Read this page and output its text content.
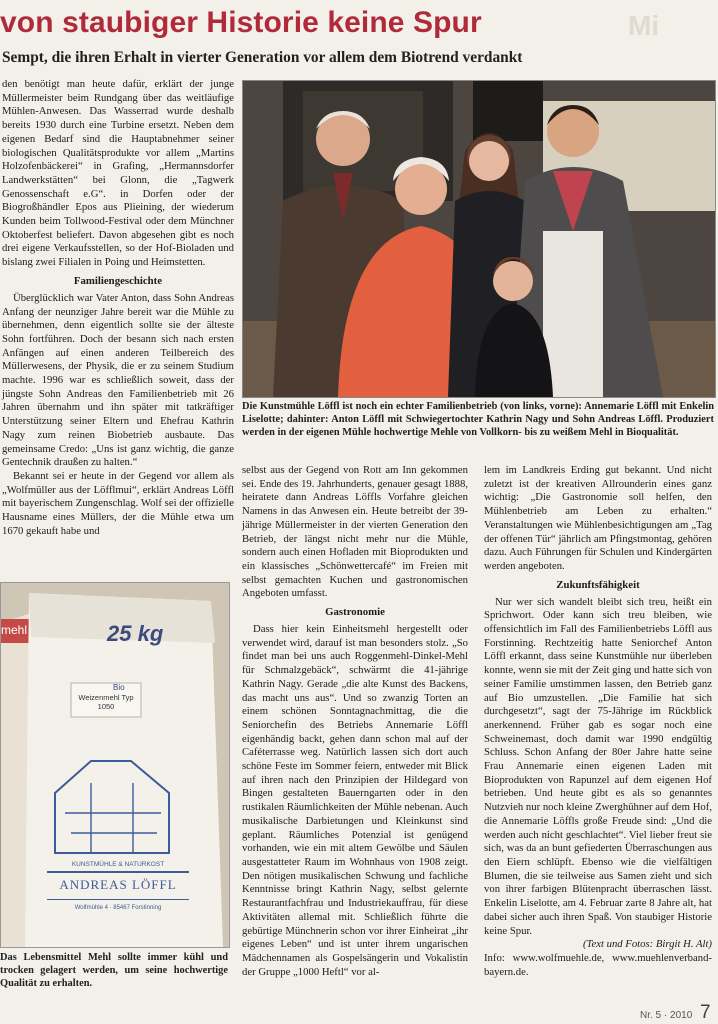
Mi
von staubiger Historie keine Spur
Sempt, die ihren Erhalt in vierter Generation vor allem dem Biotrend verdankt

den benötigt man heute dafür, erklärt der junge Müllermeister beim Rundgang über das weitläufige Mühlen-Anwesen. Das Wasserrad wurde deshalb bereits 1930 durch eine Turbine ersetzt. Neben dem eigenen Bedarf sind die Hauptabnehmer seiner biologischen Qualitätsprodukte vor allem „Martins Holzofenbäckerei“ in Grafing, „Hermannsdorfer Landwerkstätten“ bei Glonn, die „Tagwerk Genossenschaft e.G“. in Dorfen oder der Biogroßhändler Epos aus Plieining, der wiederum Kunden beim Tollwood-Festival oder dem Münchner Oktoberfest beliefert. Davon abgesehen gibt es noch drei eigene Verkaufsstellen, so der Hof-Bioladen und bislang zwei Filialen in Poing und Heimstetten.

Familiengeschichte

Überglücklich war Vater Anton, dass Sohn Andreas Anfang der neunziger Jahre bereit war die Mühle zu übernehmen, denn eigentlich sollte sie der älteste Sohn fortführen. Doch der besann sich nach ersten Anfängen auf einen anderen Teilbereich des Müllerwesens, der Physik, die er zu seinem Studium machte. 1996 war es schließlich soweit, dass der jüngste Sohn Andreas den Familienbetrieb mit 26 Jahren übernahm und ihn später mit tatkräftiger Unterstützung seiner Eltern und Ehefrau Kathrin Nagy zum reinen Biobetrieb ausbaute. Das gemeinsame Credo: „Uns ist ganz wichtig, die ganze Gentechnik draußen zu halten.“

Bekannt sei er heute in der Gegend vor allem als „Wolfmüller aus der Löfflmui“, erklärt Andreas Löffl mit bayerischem Zungenschlag. Wolf sei der offizielle Hausname eines Müllers, der die Mühle etwa um 1670 gekauft habe und

Die Kunstmühle Löffl ist noch ein echter Familienbetrieb (von links, vorne): Annemarie Löffl mit Enkelin Liselotte; dahinter: Anton Löffl mit Schwiegertochter Kathrin Nagy und Sohn Andreas Löffl. Produziert werden in der eigenen Mühle hochwertige Mehle von Vollkorn- bis zu weißem Mehl in Bioqualität.
mehl	25 kg
Bio
Weizenmehl Typ 1050
KUNSTMÜHLE & NATURKOST
ANDREAS LÖFFL
Wolfmühle 4 · 85467 Forstinning
Das Lebensmittel Mehl sollte immer kühl und trocken gelagert werden, um seine hochwertige Qualität zu erhalten.

selbst aus der Gegend von Rott am Inn gekommen sei. Ende des 19. Jahrhunderts, genauer gesagt 1888, heiratete dann Andreas Löffls Vorfahre gleichen Namens in das Anwesen ein. Heute betreibt der 39-jährige Müllermeister in der vierten Generation den Betrieb, der längst nicht mehr nur die Mühle, sondern auch einen Hofladen mit Bioprodukten und ein klassisches „Schönwettercafé“ im Freien mit selbst gemachten Kuchen und gastronomischen Angeboten umfasst.

Gastronomie

Dass hier kein Einheitsmehl hergestellt oder verwendet wird, darauf ist man besonders stolz. „So findet man bei uns auch Roggenmehl-Dinkel-Mehl für Schmalzgebäck“, schwärmt die 41-jährige Kathrin Nagy. Gerade „die alte Kunst des Backens, das macht uns aus“. Und so zwanzig Torten an einem schönen Sonntagnachmittag, die die Seniorchefin des Betriebs Annemarie Löffl eigenhändig backt, gehen dann schon mal auf der Caféterrasse weg. Natürlich lassen sich dort auch schöne Feste im Sommer feiern, entweder mit Blick auf ihren nach den Prinzipien der Hildegard von Bingen gestalteten Bauerngarten oder in den rustikalen Räumlichkeiten der Mühle nebenan. Auch musikalische Darbietungen und Kleinkunst sind geplant. Räumliches Potenzial ist genügend vorhanden, wie ein mit altem Gewölbe und Säulen ausgestatteter Raum im Wohnhaus von 1908 zeigt. Den nötigen musikalischen Schwung und fachliche Kenntnisse bringt Kathrin Nagy, selbst gelernte Restaurantfachfrau und Industriekauffrau, für diese Aktivitäten allemal mit. Schließlich führte die gebürtige Münchnerin schon vor ihrer Einheirat „ihr eigenes Leben“ und ist unter ihrem ungarischen Mädchennamen als Gospelsängerin und Vokalistin der Gruppe „1000 Heftl“ vor al-

lem im Landkreis Erding gut bekannt. Und nicht zuletzt ist der kreativen Allrounderin eines ganz wichtig: „Die Gastronomie soll helfen, den Mühlenbetrieb am Leben zu erhalten.“ Veranstaltungen wie Mühlenbesichtigungen am „Tag der offenen Tür“ jährlich am Pfingstmontag, gehören dazu. Auch Führungen für Schulen und Kindergärten werden angeboten.

Zukunftsfähigkeit

Nur wer sich wandelt bleibt sich treu, heißt ein Sprichwort. Oder kann sich treu bleiben, wie offensichtlich im Fall des Familienbetriebs Löffl aus Forstinning. Rechtzeitig hatte Seniorchef Anton Löffl erkannt, dass seine Kunstmühle nur überleben konnte, wenn sie mit der Zeit ging und hatte sich von seiner Familie umstimmen lassen, den Betrieb ganz auf Bio umzustellen. „Die Familie hat sich durchgesetzt“, sagt der 75-Jährige im Rückblick anerkennend. Früher gab es sogar noch eine Schweinemast, doch damit war 1990 endgültig Schluss. Schon Anfang der 80er Jahre hatte seine Frau Annemarie einen eigenen Laden mit Bioprodukten von Rapunzel auf dem eigenen Hof betrieben. Und heute gibt es als so genanntes Nutzvieh nur noch kleine Zwerghühner auf dem Hof, die Annemarie Löffls große Freude sind: „Und die werden auch nicht geschlachtet“. Viel lieber freut sie sich, was da an bunt gefiederten Überraschungen aus den Eiern schlüpft. Ebenso wie die vielfältigen Blumen, die sie teilweise aus Samen zieht und sich von ihrer farbigen Blütenpracht überraschen lässt. Enkelin Liselotte, am 4. Februar zarte 8 Jahre alt, hat dabei sicher auch ihren Spaß. Von staubiger Historie keine Spur.

(Text und Fotos: Birgit H. Alt)

Info: www.wolfmuehle.de, www.muehlenverband-bayern.de.

Nr. 5 · 2010 7
